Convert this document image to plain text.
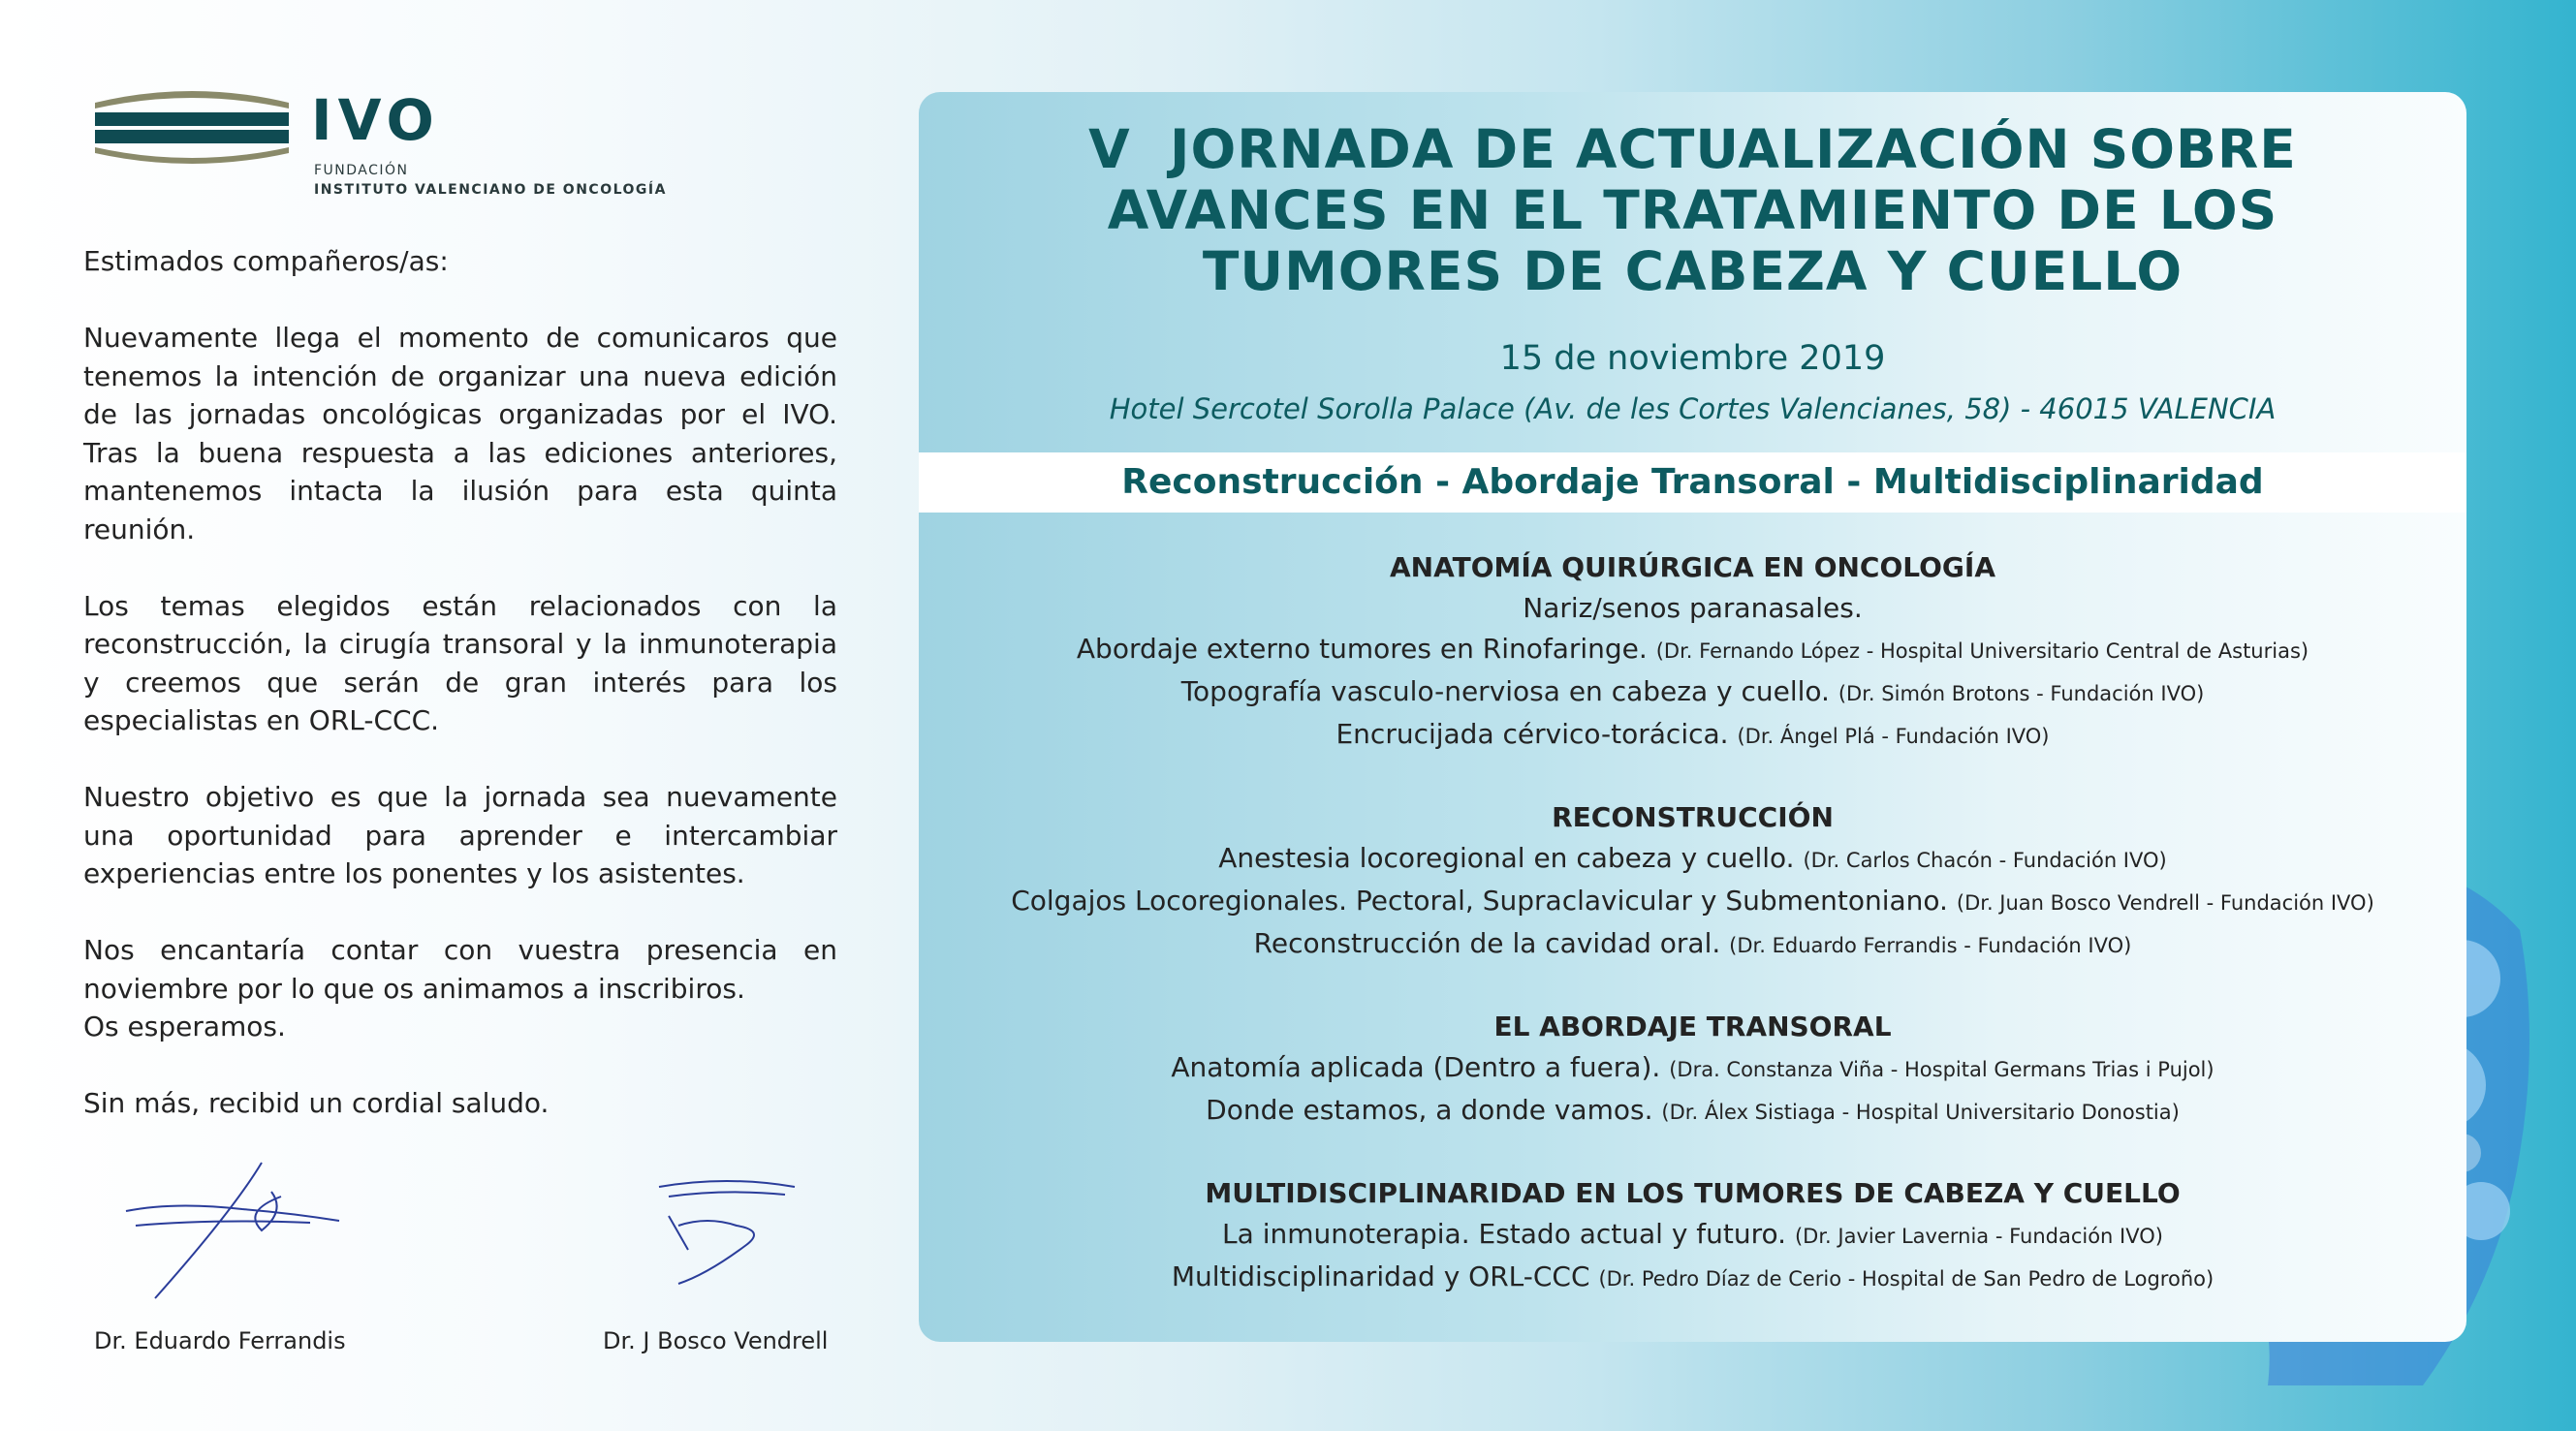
IVO
FUNDACIÓN
INSTITUTO VALENCIANO DE ONCOLOGÍA

Estimados compañeros/as:

Nuevamente llega el momento de comunicaros que tenemos la intención de organizar una nueva edición de las jornadas oncológicas organizadas por el IVO. Tras la buena respuesta a las ediciones anteriores, mantenemos intacta la ilusión para esta quinta reunión.

Los temas elegidos están relacionados con la reconstrucción, la cirugía transoral y la inmunoterapia y creemos que serán de gran interés para los especialistas en ORL-CCC.

Nuestro objetivo es que la jornada sea nuevamente una oportunidad para aprender e intercambiar experiencias entre los ponentes y los asistentes.

Nos encantaría contar con vuestra presencia en noviembre por lo que os animamos a inscribiros.

Os esperamos.

Sin más, recibid un cordial saludo.

Dr. Eduardo Ferrandis	Dr. J Bosco Vendrell
V  JORNADA DE ACTUALIZACIÓN SOBRE
AVANCES EN EL TRATAMIENTO DE LOS
TUMORES DE CABEZA Y CUELLO
15 de noviembre 2019
Hotel Sercotel Sorolla Palace (Av. de les Cortes Valencianes, 58) - 46015 VALENCIA
Reconstrucción - Abordaje Transoral - Multidisciplinaridad
ANATOMÍA QUIRÚRGICA EN ONCOLOGÍA
Nariz/senos paranasales.
Abordaje externo tumores en Rinofaringe. (Dr. Fernando López - Hospital Universitario Central de Asturias)
Topografía vasculo-nerviosa en cabeza y cuello. (Dr. Simón Brotons - Fundación IVO)
Encrucijada cérvico-torácica. (Dr. Ángel Plá - Fundación IVO)
RECONSTRUCCIÓN
Anestesia locoregional en cabeza y cuello. (Dr. Carlos Chacón - Fundación IVO)
Colgajos Locoregionales. Pectoral, Supraclavicular y Submentoniano. (Dr. Juan Bosco Vendrell - Fundación IVO)
Reconstrucción de la cavidad oral. (Dr. Eduardo Ferrandis - Fundación IVO)
EL ABORDAJE TRANSORAL
Anatomía aplicada (Dentro a fuera). (Dra. Constanza Viña - Hospital Germans Trias i Pujol)
Donde estamos, a donde vamos. (Dr. Álex Sistiaga - Hospital Universitario Donostia)
MULTIDISCIPLINARIDAD EN LOS TUMORES DE CABEZA Y CUELLO
La inmunoterapia. Estado actual y futuro. (Dr. Javier Lavernia - Fundación IVO)
Multidisciplinaridad y ORL-CCC (Dr. Pedro Díaz de Cerio - Hospital de San Pedro de Logroño)
